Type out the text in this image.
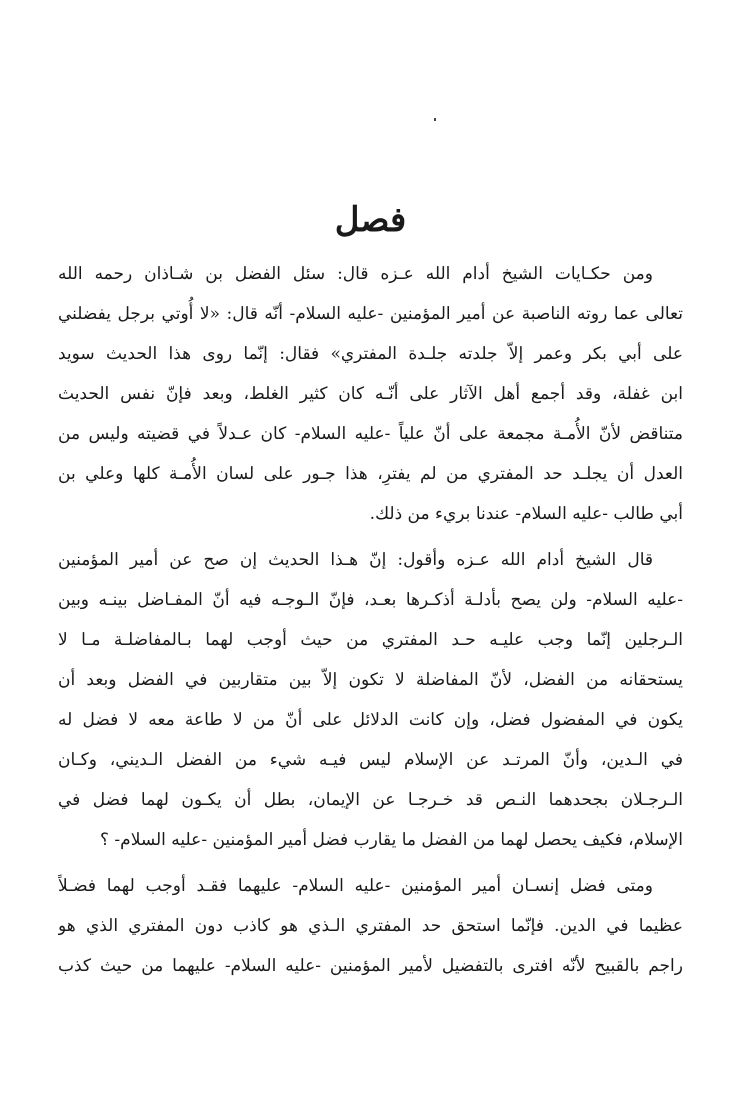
فصل
ومن حكـايات الشيخ أدام الله عـزه قال: سئل الفضل بن شـاذان رحمه الله
تعالى عما روته الناصبة عن أمير المؤمنين -عليه السلام- أنّه قال: «لا أُوتي برجل يفضلني
على أبي بكر وعمر إلاّ جلدته جلـدة المفتري» فقال: إنّما روى هذا الحديث سويد
ابن غفلة، وقد أجمع أهل الآثار على أنّـه كان كثير الغلط، وبعد فإنّ نفس الحديث
متناقض لأنّ الأُمـة مجمعة على أنّ علياً -عليه السلام- كان عـدلاً في قضيته وليس من
العدل أن يجلـد حد المفتري من لم يفترِ، هذا جـور على لسان الأُمـة كلها وعلي بن
أبي طالب -عليه السلام- عندنا بريء من ذلك.
قال الشيخ أدام الله عـزه وأقول: إنّ هـذا الحديث إن صح عن أمير المؤمنين
-عليه السلام- ولن يصح بأدلـة أذكـرها بعـد، فإنّ الـوجـه فيه أنّ المفـاضل بينـه وبين
الـرجلين إنّما وجب عليـه حـد المفتري من حيث أوجب لهما بـالمفاضلـة مـا لا
يستحقانه من الفضل، لأنّ المفاضلة لا تكون إلاّ بين متقاربين في الفضل وبعد أن
يكون في المفضول فضل، وإن كانت الدلائل على أنّ من لا طاعة معه لا فضل له
في الـدين، وأنّ المرتـد عن الإسلام ليس فيـه شيء من الفضل الـديني، وكـان
الـرجـلان بجحدهما النـص قد خـرجـا عن الإيمان، بطل أن يكـون لهما فضل في
الإسلام، فكيف يحصل لهما من الفضل ما يقارب فضل أمير المؤمنين -عليه السلام- ؟
ومتى فضل إنسـان أمير المؤمنين -عليه السلام- عليهما فقـد أوجب لهما فضـلاً
عظيما في الدين. فإنّما استحق حد المفتري الـذي هو كاذب دون المفتري الذي هو
راجم بالقبيح لأنّه افترى بالتفضيل لأمير المؤمنين -عليه السلام- عليهما من حيث كذب
